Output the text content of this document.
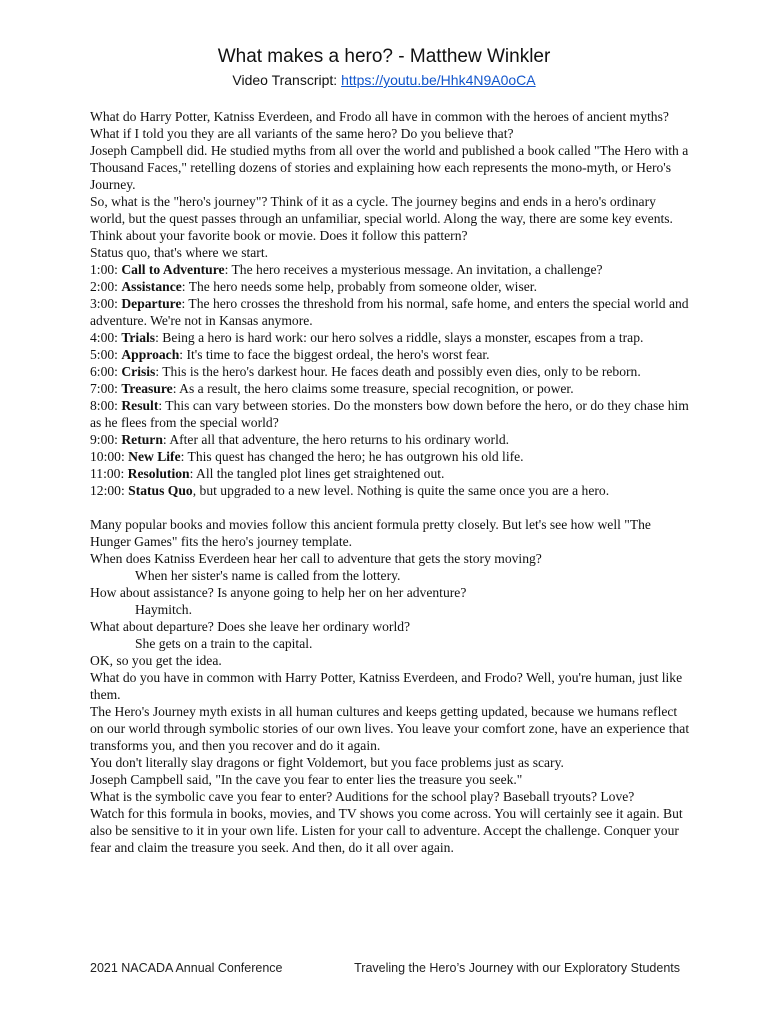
What makes a hero? - Matthew Winkler
Video Transcript: https://youtu.be/Hhk4N9A0oCA

What do Harry Potter, Katniss Everdeen, and Frodo all have in common with the heroes of ancient myths?

What if I told you they are all variants of the same hero? Do you believe that?

Joseph Campbell did. He studied myths from all over the world and published a book called "The Hero with a Thousand Faces," retelling dozens of stories and explaining how each represents the mono-myth, or Hero's Journey.

So, what is the "hero's journey"? Think of it as a cycle. The journey begins and ends in a hero's ordinary world, but the quest passes through an unfamiliar, special world. Along the way, there are some key events.

Think about your favorite book or movie. Does it follow this pattern?

Status quo, that's where we start.

1:00: Call to Adventure: The hero receives a mysterious message. An invitation, a challenge?

2:00: Assistance: The hero needs some help, probably from someone older, wiser.

3:00: Departure: The hero crosses the threshold from his normal, safe home, and enters the special world and adventure. We're not in Kansas anymore.

4:00: Trials: Being a hero is hard work: our hero solves a riddle, slays a monster, escapes from a trap.

5:00: Approach: It's time to face the biggest ordeal, the hero's worst fear.

6:00: Crisis: This is the hero's darkest hour. He faces death and possibly even dies, only to be reborn.

7:00: Treasure: As a result, the hero claims some treasure, special recognition, or power.

8:00: Result: This can vary between stories. Do the monsters bow down before the hero, or do they chase him as he flees from the special world?

9:00: Return: After all that adventure, the hero returns to his ordinary world.

10:00: New Life: This quest has changed the hero; he has outgrown his old life.

11:00: Resolution: All the tangled plot lines get straightened out.

12:00: Status Quo, but upgraded to a new level. Nothing is quite the same once you are a hero.

Many popular books and movies follow this ancient formula pretty closely. But let's see how well "The Hunger Games" fits the hero's journey template.

When does Katniss Everdeen hear her call to adventure that gets the story moving?

When her sister's name is called from the lottery.

How about assistance? Is anyone going to help her on her adventure?

Haymitch.

What about departure? Does she leave her ordinary world?

She gets on a train to the capital.

OK, so you get the idea.

What do you have in common with Harry Potter, Katniss Everdeen, and Frodo? Well, you're human, just like them.

The Hero's Journey myth exists in all human cultures and keeps getting updated, because we humans reflect on our world through symbolic stories of our own lives. You leave your comfort zone, have an experience that transforms you, and then you recover and do it again.

You don't literally slay dragons or fight Voldemort, but you face problems just as scary.

Joseph Campbell said, "In the cave you fear to enter lies the treasure you seek."

What is the symbolic cave you fear to enter? Auditions for the school play? Baseball tryouts? Love?

Watch for this formula in books, movies, and TV shows you come across. You will certainly see it again. But also be sensitive to it in your own life. Listen for your call to adventure. Accept the challenge. Conquer your fear and claim the treasure you seek. And then, do it all over again.

2021 NACADA Annual Conference	Traveling the Hero’s Journey with our Exploratory Students
